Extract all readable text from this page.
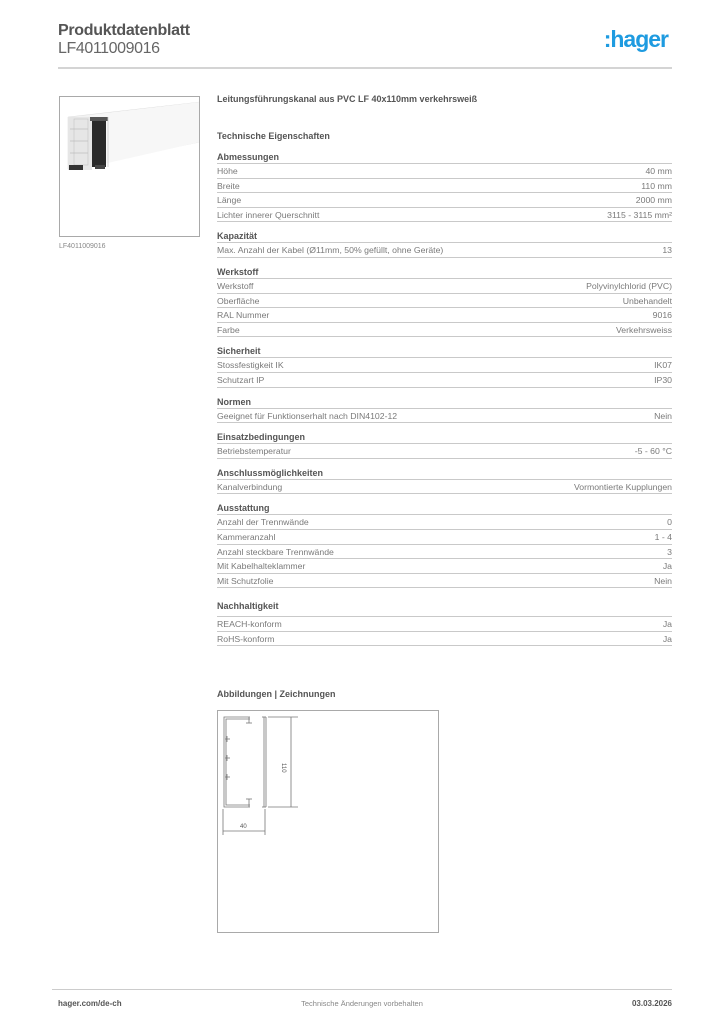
Produktdatenblatt
LF4011009016	:hager
LF4011009016
Leitungsführungskanal aus PVC LF 40x110mm verkehrsweiß
Technische Eigenschaften
Abmessungen
Höhe	40 mm
Breite	110 mm
Länge	2000 mm
Lichter innerer Querschnitt	3115 - 3115 mm²
Kapazität
Max. Anzahl der Kabel (Ø11mm, 50% gefüllt, ohne Geräte)	13
Werkstoff
Werkstoff	Polyvinylchlorid (PVC)
Oberfläche	Unbehandelt
RAL Nummer	9016
Farbe	Verkehrsweiss
Sicherheit
Stossfestigkeit IK	IK07
Schutzart IP	IP30
Normen
Geeignet für Funktionserhalt nach DIN4102-12	Nein
Einsatzbedingungen
Betriebstemperatur	-5 - 60 °C
Anschlussmöglichkeiten
Kanalverbindung	Vormontierte Kupplungen
Ausstattung
Anzahl der Trennwände	0
Kammeranzahl	1 - 4
Anzahl steckbare Trennwände	3
Mit Kabelhalteklammer	Ja
Mit Schutzfolie	Nein
Nachhaltigkeit
REACH-konform	Ja
RoHS-konform	Ja
Abbildungen | Zeichnungen
110
40
hager.com/de-ch	Technische Änderungen vorbehalten	03.03.2026
